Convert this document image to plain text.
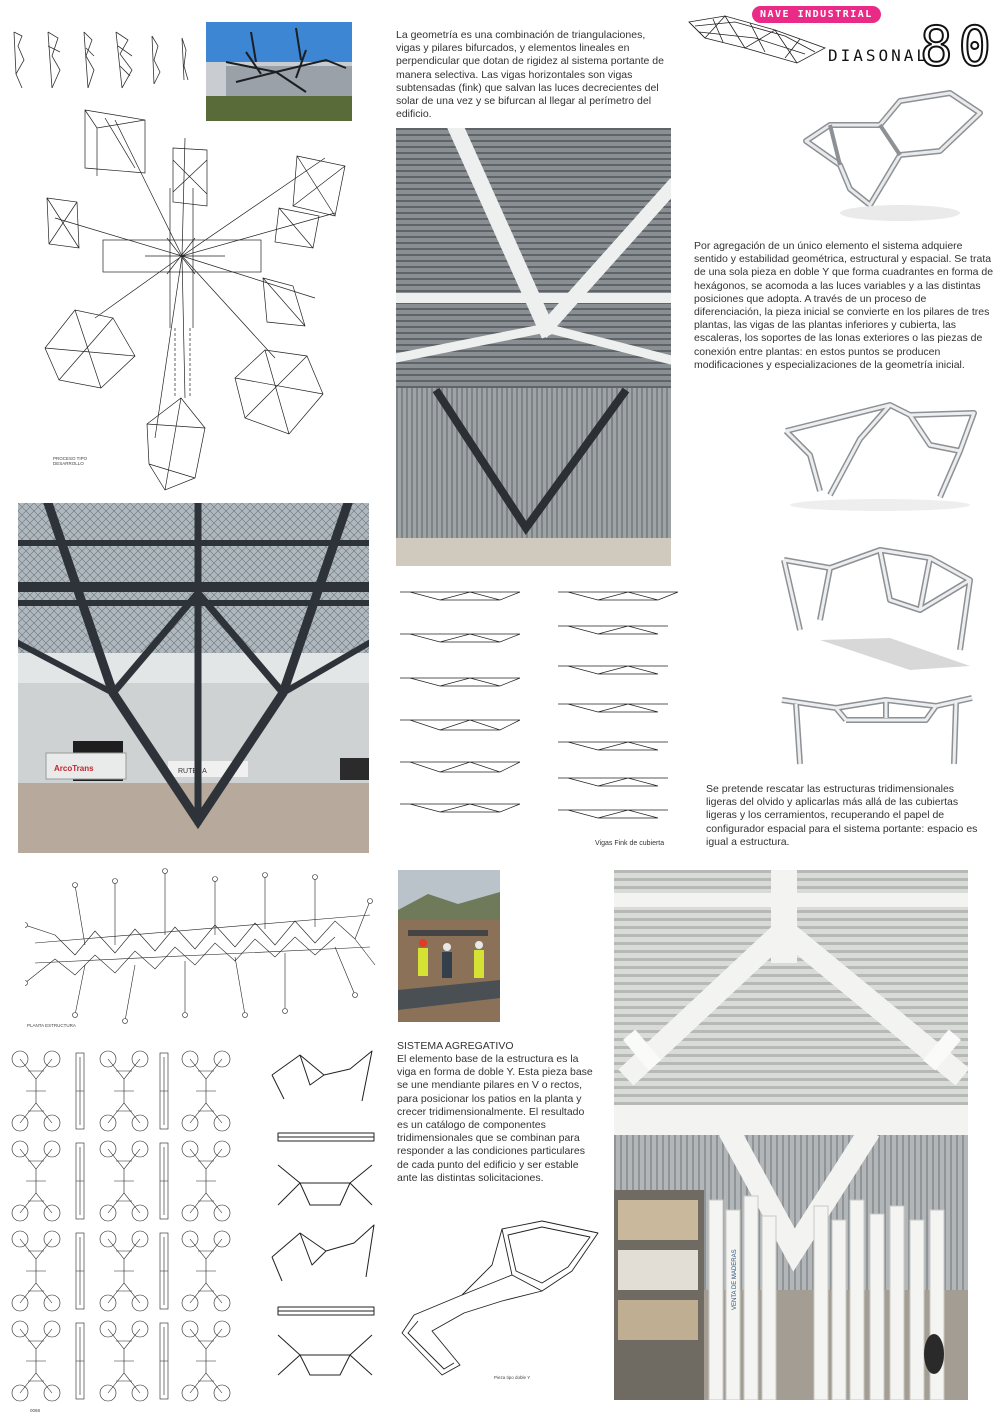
NAVE INDUSTRIAL
DIASONAL
80
La geometría es una combinación de triangulaciones, vigas y pilares bifurcados, y elementos lineales en perpendicular que dotan de rigidez al sistema portante de manera selectiva. Las vigas horizontales son vigas subtensadas (fink) que salvan las luces decrecientes del solar de una vez y se bifurcan al llegar al perímetro del edificio.
PROCESO TIPO DESARROLLO
Por agregación de un único elemento el sistema adquiere sentido y estabilidad geométrica, estructural y espacial. Se trata de una sola pieza en doble Y que forma cuadrantes en forma de hexágonos, se acomoda a las luces variables y a las distintas posiciones que adopta. A través de un proceso de diferenciación, la pieza inicial se convierte en los pilares de tres plantas, las vigas de las plantas inferiores y cubierta, las escaleras, los soportes de las lonas exteriores o las piezas de conexión entre plantas: en estos puntos se producen modificaciones y especializaciones de la geometría inicial.
Se pretende rescatar las estructuras tridimensionales ligeras del olvido y aplicarlas más allá de las cubiertas ligeras y los cerramientos, recuperando el papel de configurador espacial para el sistema portante: espacio es igual a estructura.
ArcoTrans	RUTENA
Vigas Fink de cubierta
PLANTA ESTRUCTURA
SISTEMA AGREGATIVO
El elemento base de la estructura es la viga en forma de doble Y. Esta pieza base se une mendiante pilares en V o rectos, para posicionar los patios en la planta y crecer tridimensionalmente. El resultado es un catálogo de componentes tridimensionales que se combinan para responder a las condiciones particulares de cada punto del edificio y ser estable ante las distintas solicitaciones.
0068
Pieza tipo doble Y
VENTA DE MADERAS
